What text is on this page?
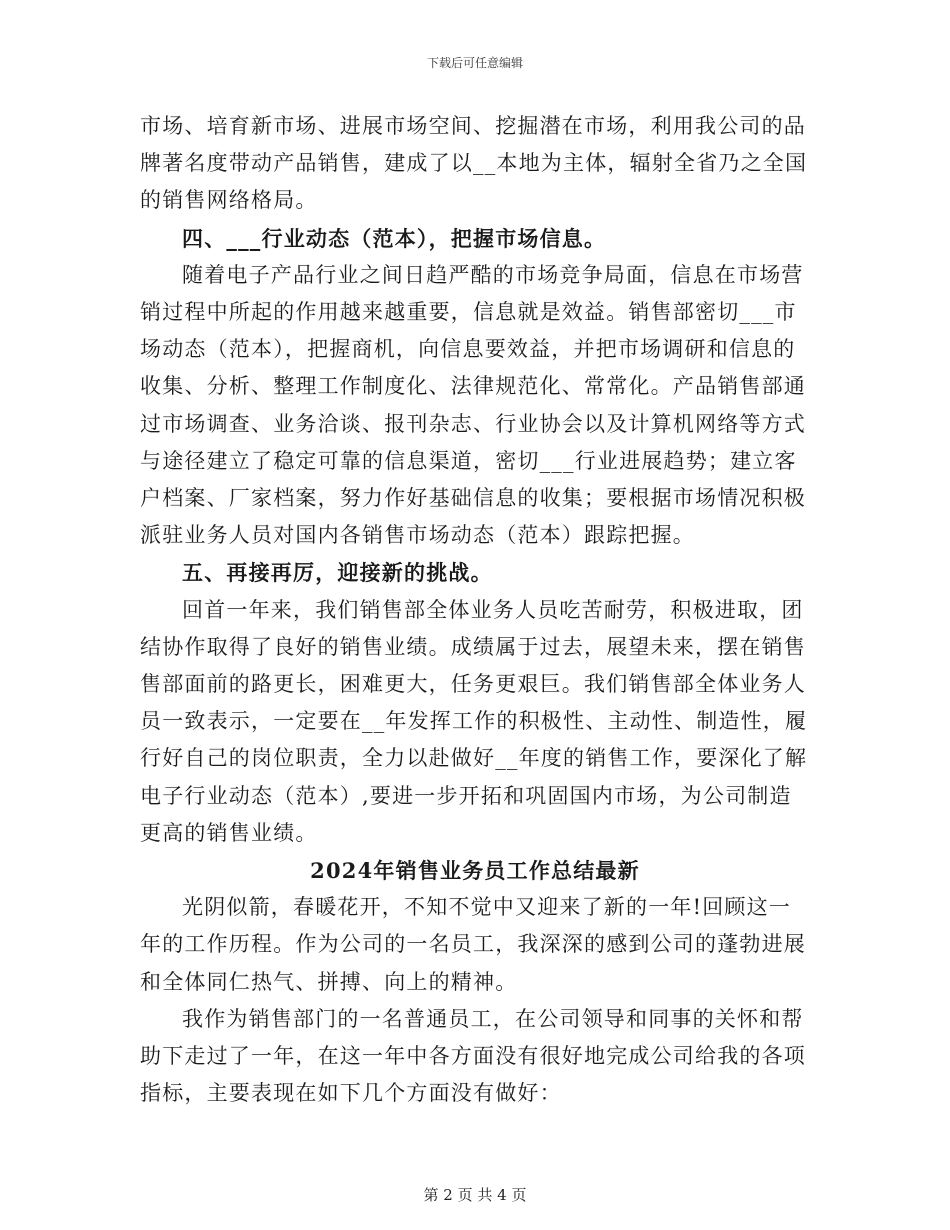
下载后可任意编辑

市场、培育新市场、进展市场空间、挖掘潜在市场，利用我公司的品牌著名度带动产品销售，建成了以__本地为主体，辐射全省乃之全国的销售网络格局。

四、___行业动态（范本），把握市场信息。

随着电子产品行业之间日趋严酷的市场竞争局面，信息在市场营销过程中所起的作用越来越重要，信息就是效益。销售部密切___市场动态（范本），把握商机，向信息要效益，并把市场调研和信息的收集、分析、整理工作制度化、法律规范化、常常化。产品销售部通过市场调查、业务洽谈、报刊杂志、行业协会以及计算机网络等方式与途径建立了稳定可靠的信息渠道，密切___行业进展趋势；建立客户档案、厂家档案，努力作好基础信息的收集；要根据市场情况积极派驻业务人员对国内各销售市场动态（范本）跟踪把握。

五、再接再厉，迎接新的挑战。

回首一年来，我们销售部全体业务人员吃苦耐劳，积极进取，团结协作取得了良好的销售业绩。成绩属于过去，展望未来，摆在销售售部面前的路更长，困难更大，任务更艰巨。我们销售部全体业务人员一致表示，一定要在__年发挥工作的积极性、主动性、制造性，履行好自己的岗位职责，全力以赴做好__年度的销售工作，要深化了解电子行业动态（范本）,要进一步开拓和巩固国内市场，为公司制造更高的销售业绩。

2024年销售业务员工作总结最新

光阴似箭，春暖花开，不知不觉中又迎来了新的一年!回顾这一年的工作历程。作为公司的一名员工，我深深的感到公司的蓬勃进展和全体同仁热气、拼搏、向上的精神。

我作为销售部门的一名普通员工，在公司领导和同事的关怀和帮助下走过了一年，在这一年中各方面没有很好地完成公司给我的各项指标，主要表现在如下几个方面没有做好：

第 2 页 共 4 页
